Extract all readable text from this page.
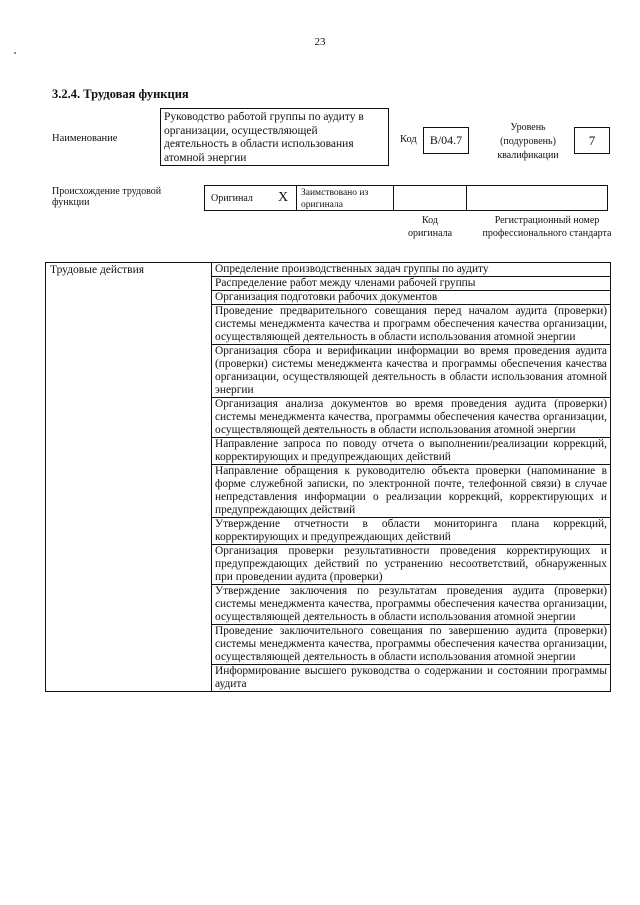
23
3.2.4. Трудовая функция
Наименование
Руководство работой группы по аудиту в организации, осуществляющей деятельность в области использования атомной энергии
Код B/04.7
Уровень (подуровень) квалификации
7
Происхождение трудовой функции	Оригинал X Заимствовано из оригинала
Код оригинала
Регистрационный номер профессионального стандарта
Трудовые действия	Определение производственных задач группы по аудиту
Распределение работ между членами рабочей группы
Организация подготовки рабочих документов
Проведение предварительного совещания перед началом аудита (проверки) системы менеджмента качества и программ обеспечения качества организации, осуществляющей деятельность в области использования атомной энергии
Организация сбора и верификации информации во время проведения аудита (проверки) системы менеджмента качества и программы обеспечения качества организации, осуществляющей деятельность в области использования атомной энергии
Организация анализа документов во время проведения аудита (проверки) системы менеджмента качества, программы обеспечения качества организации, осуществляющей деятельность в области использования атомной энергии
Направление запроса по поводу отчета о выполнении/реализации коррекций, корректирующих и предупреждающих действий
Направление обращения к руководителю объекта проверки (напоминание в форме служебной записки, по электронной почте, телефонной связи) в случае непредставления информации о реализации коррекций, корректирующих и предупреждающих действий
Утверждение отчетности в области мониторинга плана коррекций, корректирующих и предупреждающих действий
Организация проверки результативности проведения корректирующих и предупреждающих действий по устранению несоответствий, обнаруженных при проведении аудита (проверки)
Утверждение заключения по результатам проведения аудита (проверки) системы менеджмента качества, программы обеспечения качества организации, осуществляющей деятельность в области использования атомной энергии
Проведение заключительного совещания по завершению аудита (проверки) системы менеджмента качества, программы обеспечения качества организации, осуществляющей деятельность в области использования атомной энергии
Информирование высшего руководства о содержании и состоянии программы аудита
